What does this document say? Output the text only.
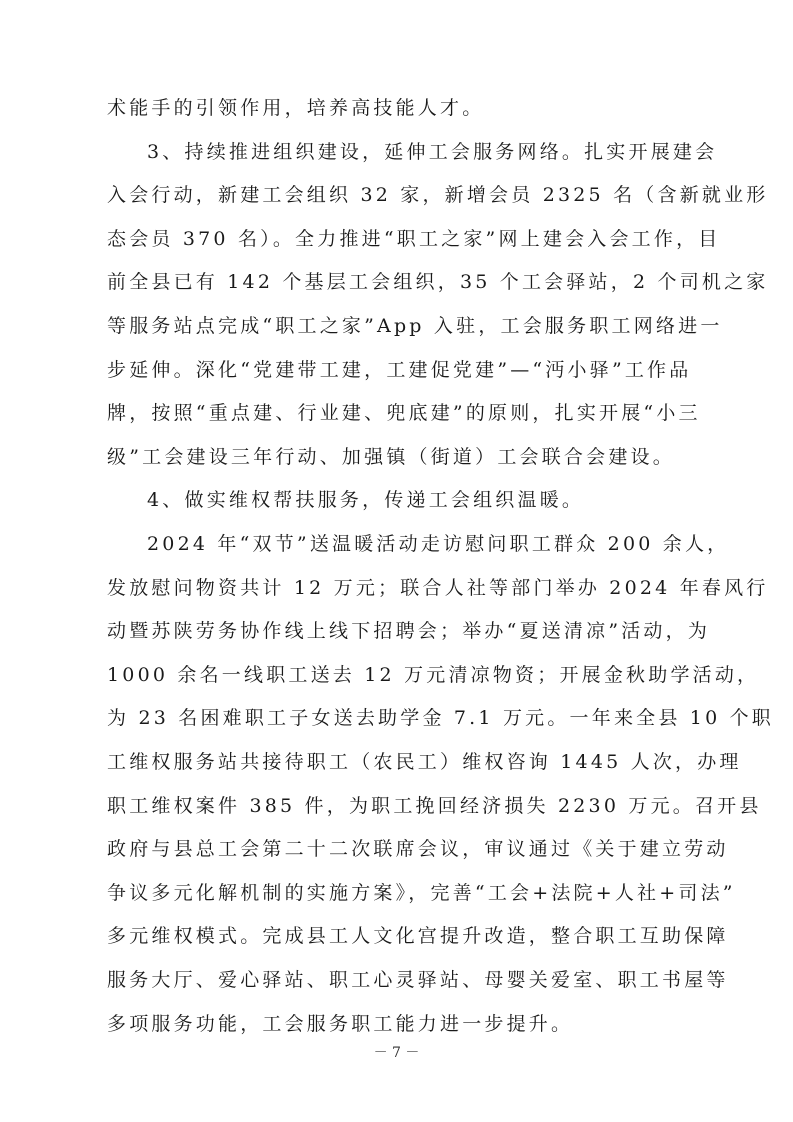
术能手的引领作用，培养高技能人才。
3、持续推进组织建设，延伸工会服务网络。扎实开展建会
入会行动，新建工会组织 32 家，新增会员 2325 名（含新就业形
态会员 370 名）。全力推进“职工之家”网上建会入会工作，目
前全县已有 142 个基层工会组织，35 个工会驿站，2 个司机之家
等服务站点完成“职工之家”App 入驻，工会服务职工网络进一
步延伸。深化“党建带工建，工建促党建”—“沔小驿”工作品
牌，按照“重点建、行业建、兜底建”的原则，扎实开展“小三
级”工会建设三年行动、加强镇（街道）工会联合会建设。
4、做实维权帮扶服务，传递工会组织温暖。
2024 年“双节”送温暖活动走访慰问职工群众 200 余人，
发放慰问物资共计 12 万元；联合人社等部门举办 2024 年春风行
动暨苏陕劳务协作线上线下招聘会；举办“夏送清凉”活动，为
1000 余名一线职工送去 12 万元清凉物资；开展金秋助学活动，
为 23 名困难职工子女送去助学金 7.1 万元。一年来全县 10 个职
工维权服务站共接待职工（农民工）维权咨询 1445 人次，办理
职工维权案件 385 件，为职工挽回经济损失 2230 万元。召开县
政府与县总工会第二十二次联席会议，审议通过《关于建立劳动
争议多元化解机制的实施方案》，完善“工会+法院+人社+司法”
多元维权模式。完成县工人文化宫提升改造，整合职工互助保障
服务大厅、爱心驿站、职工心灵驿站、母婴关爱室、职工书屋等
多项服务功能，工会服务职工能力进一步提升。
－ 7 －
